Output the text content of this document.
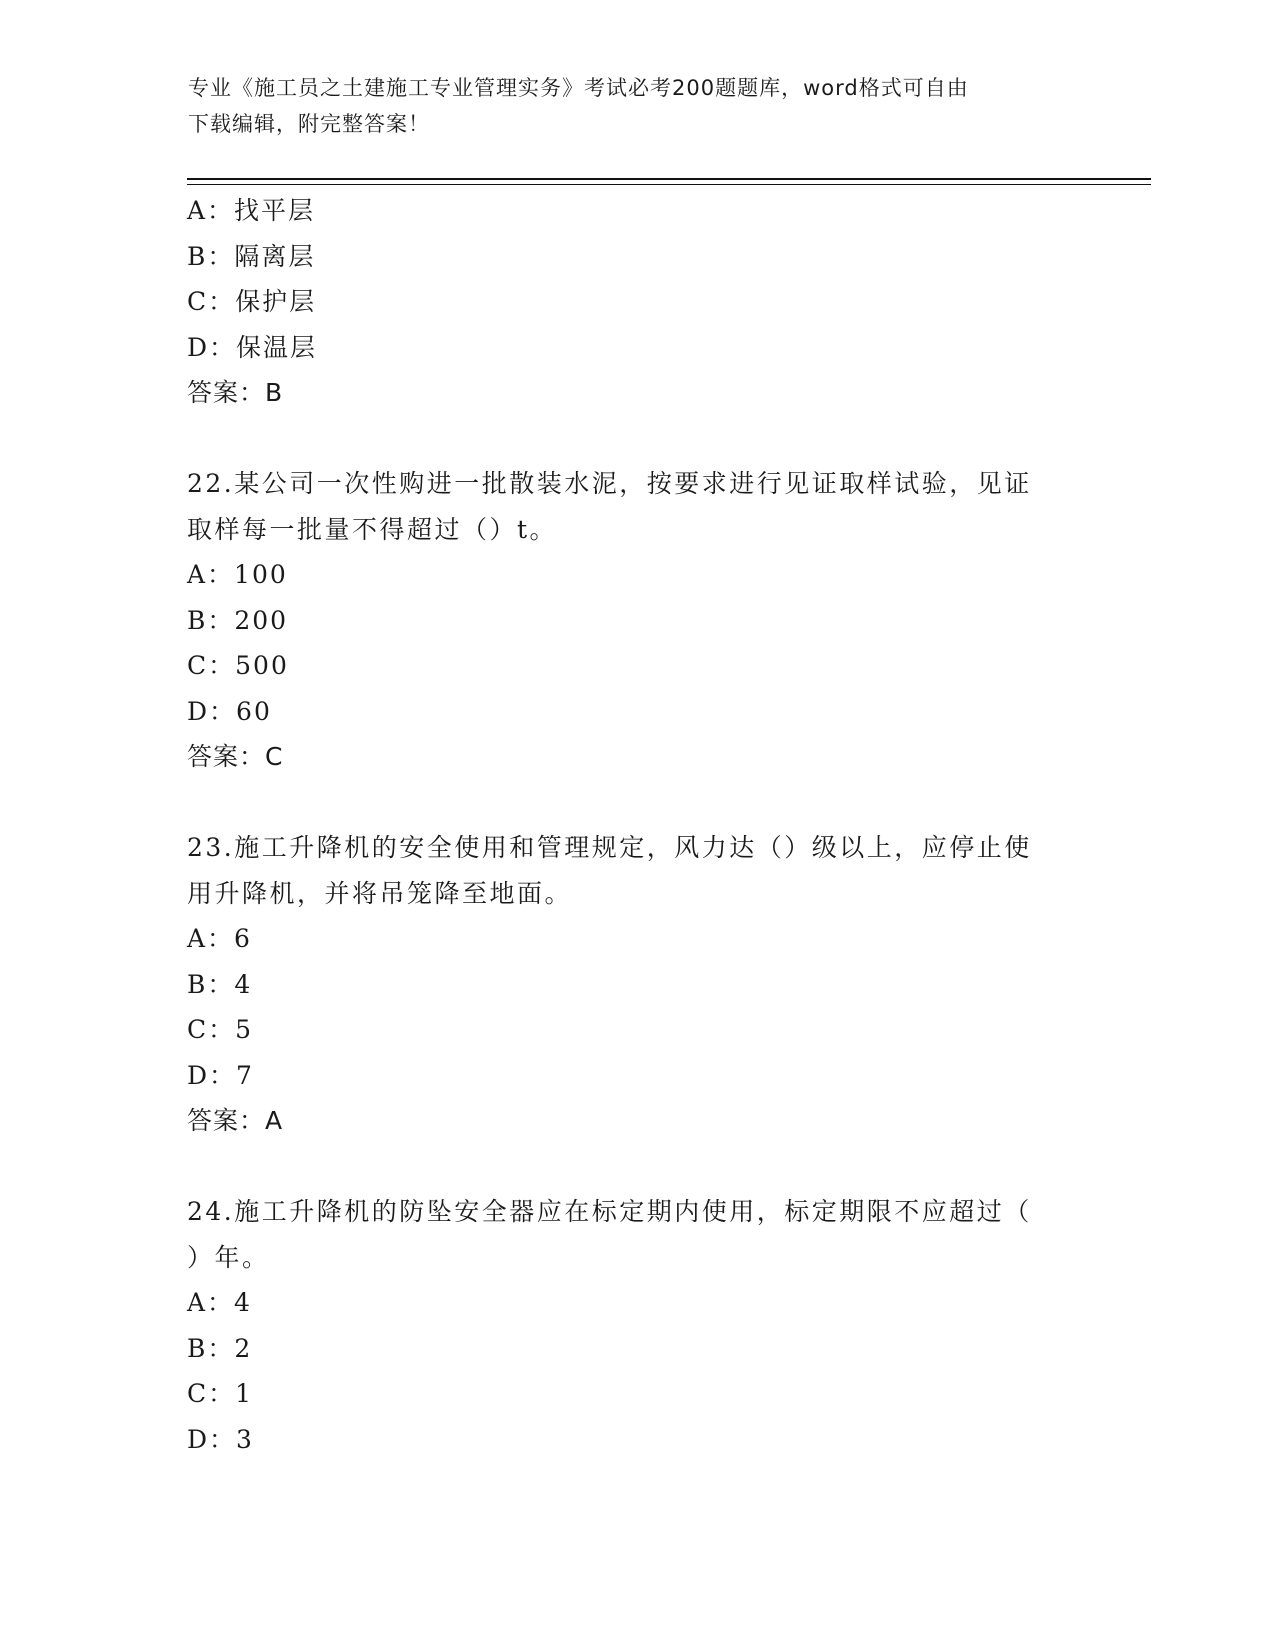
专业《施工员之土建施工专业管理实务》考试必考200题题库，word格式可自由
下载编辑，附完整答案！
A：找平层
B：隔离层
C：保护层
D：保温层
答案：B
22.某公司一次性购进一批散装水泥，按要求进行见证取样试验，见证
取样每一批量不得超过（）t。
A：100
B：200
C：500
D：60
答案：C
23.施工升降机的安全使用和管理规定，风力达（）级以上，应停止使
用升降机，并将吊笼降至地面。
A：6
B：4
C：5
D：7
答案：A
24.施工升降机的防坠安全器应在标定期内使用，标定期限不应超过（
）年。
A：4
B：2
C：1
D：3
